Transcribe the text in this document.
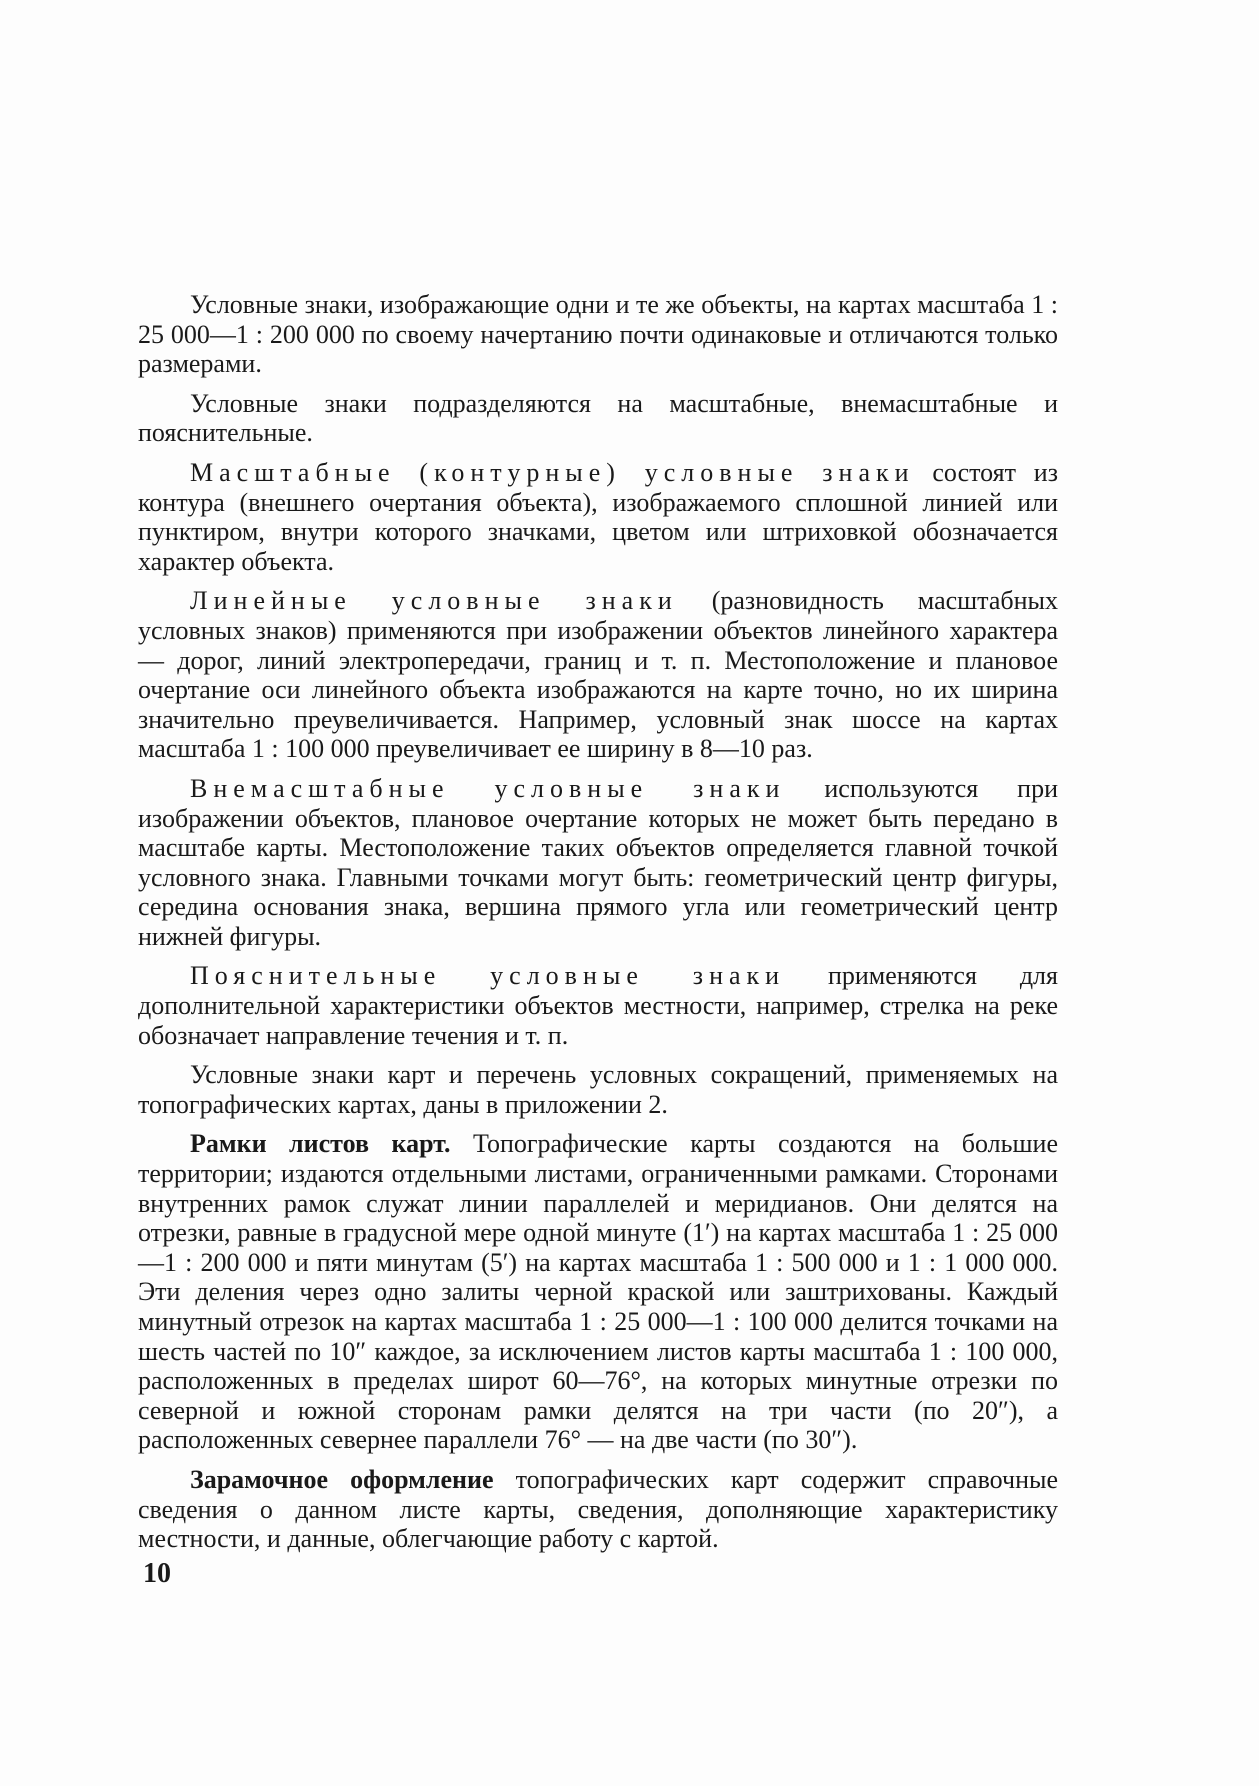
Условные знаки, изображающие одни и те же объекты, на картах масштаба 1 : 25 000—1 : 200 000 по своему начертанию почти одинаковые и отличаются только размерами.

Условные знаки подразделяются на масштабные, внемасштабные и пояснительные.

Масштабные (контурные) условные знаки состоят из контура (внешнего очертания объекта), изображаемого сплошной линией или пунктиром, внутри которого значками, цветом или штриховкой обозначается характер объекта.

Линейные условные знаки (разновидность масштабных условных знаков) применяются при изображении объектов линейного характера — дорог, линий электропередачи, границ и т. п. Местоположение и плановое очертание оси линейного объекта изображаются на карте точно, но их ширина значительно преувеличивается. Например, условный знак шоссе на картах масштаба 1 : 100 000 преувеличивает ее ширину в 8—10 раз.

Внемасштабные условные знаки используются при изображении объектов, плановое очертание которых не может быть передано в масштабе карты. Местоположение таких объектов определяется главной точкой условного знака. Главными точками могут быть: геометрический центр фигуры, середина основания знака, вершина прямого угла или геометрический центр нижней фигуры.

Пояснительные условные знаки применяются для дополнительной характеристики объектов местности, например, стрелка на реке обозначает направление течения и т. п.

Условные знаки карт и перечень условных сокращений, применяемых на топографических картах, даны в приложении 2.

Рамки листов карт. Топографические карты создаются на большие территории; издаются отдельными листами, ограниченными рамками. Сторонами внутренних рамок служат линии параллелей и меридианов. Они делятся на отрезки, равные в градусной мере одной минуте (1′) на картах масштаба 1 : 25 000—1 : 200 000 и пяти минутам (5′) на картах масштаба 1 : 500 000 и 1 : 1 000 000. Эти деления через одно залиты черной краской или заштрихованы. Каждый минутный отрезок на картах масштаба 1 : 25 000—1 : 100 000 делится точками на шесть частей по 10″ каждое, за исключением листов карты масштаба 1 : 100 000, расположенных в пределах широт 60—76°, на которых минутные отрезки по северной и южной сторонам рамки делятся на три части (по 20″), а расположенных севернее параллели 76° — на две части (по 30″).

Зарамочное оформление топографических карт содержит справочные сведения о данном листе карты, сведения, дополняющие характеристику местности, и данные, облегчающие работу с картой.

10
